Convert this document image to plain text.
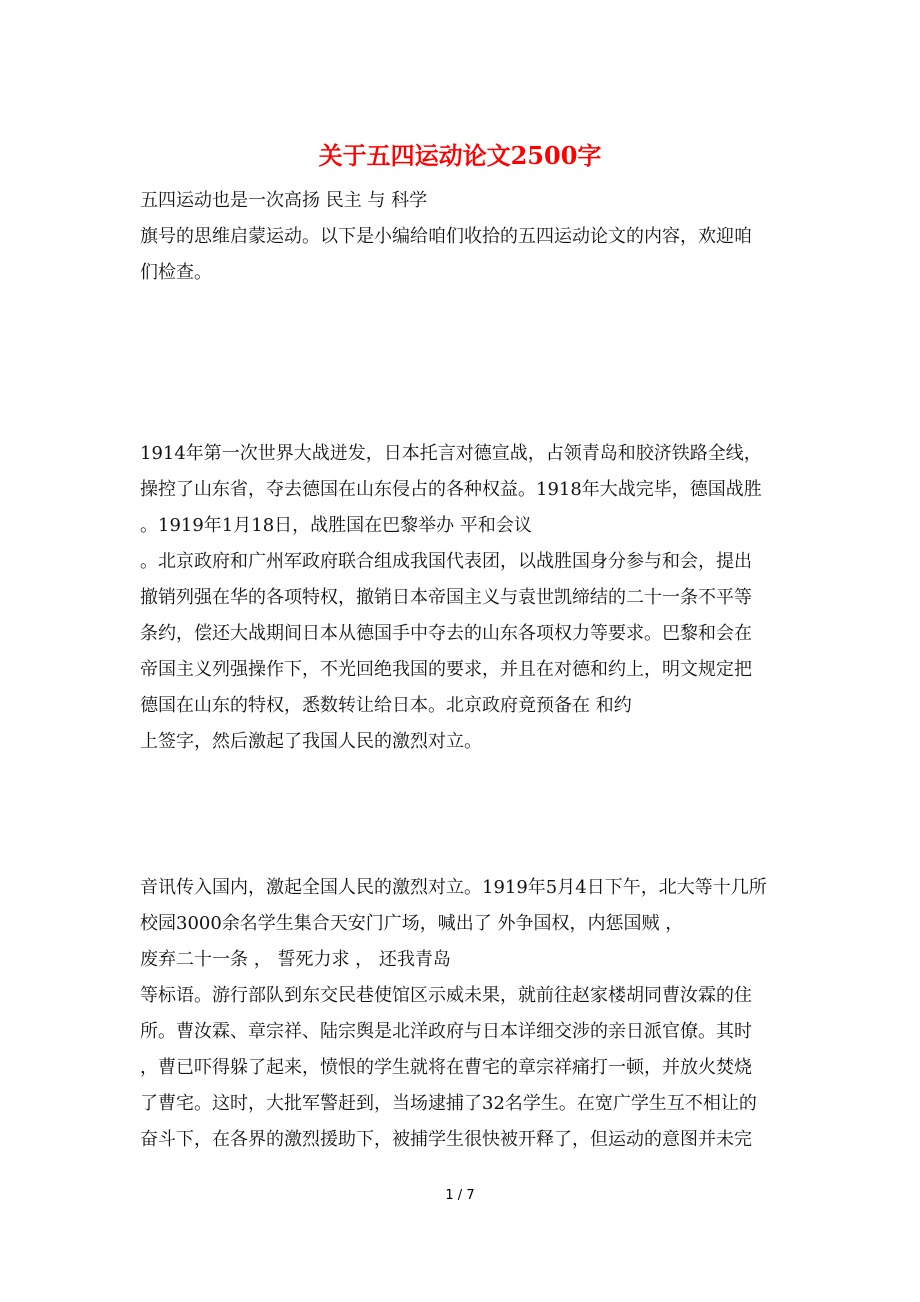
关于五四运动论文2500字

五四运动也是一次高扬 民主 与 科学

旗号的思维启蒙运动。以下是小编给咱们收拾的五四运动论文的内容，欢迎咱

们检查。

1914年第一次世界大战迸发，日本托言对德宣战，占领青岛和胶济铁路全线，

操控了山东省，夺去德国在山东侵占的各种权益。1918年大战完毕，德国战胜

。1919年1月18日，战胜国在巴黎举办 平和会议

。北京政府和广州军政府联合组成我国代表团，以战胜国身分参与和会，提出

撤销列强在华的各项特权，撤销日本帝国主义与袁世凯缔结的二十一条不平等

条约，偿还大战期间日本从德国手中夺去的山东各项权力等要求。巴黎和会在

帝国主义列强操作下，不光回绝我国的要求，并且在对德和约上，明文规定把

德国在山东的特权，悉数转让给日本。北京政府竟预备在 和约

上签字，然后激起了我国人民的激烈对立。

音讯传入国内，激起全国人民的激烈对立。1919年5月4日下午，北大等十几所

校园3000余名学生集合天安门广场，喊出了 外争国权，内惩国贼 ，

废弃二十一条 ， 誓死力求 ， 还我青岛

等标语。游行部队到东交民巷使馆区示威未果，就前往赵家楼胡同曹汝霖的住

所。曹汝霖、章宗祥、陆宗舆是北洋政府与日本详细交涉的亲日派官僚。其时

，曹已吓得躲了起来，愤恨的学生就将在曹宅的章宗祥痛打一顿，并放火焚烧

了曹宅。这时，大批军警赶到，当场逮捕了32名学生。在宽广学生互不相让的

奋斗下，在各界的激烈援助下，被捕学生很快被开释了，但运动的意图并未完

1 / 7
